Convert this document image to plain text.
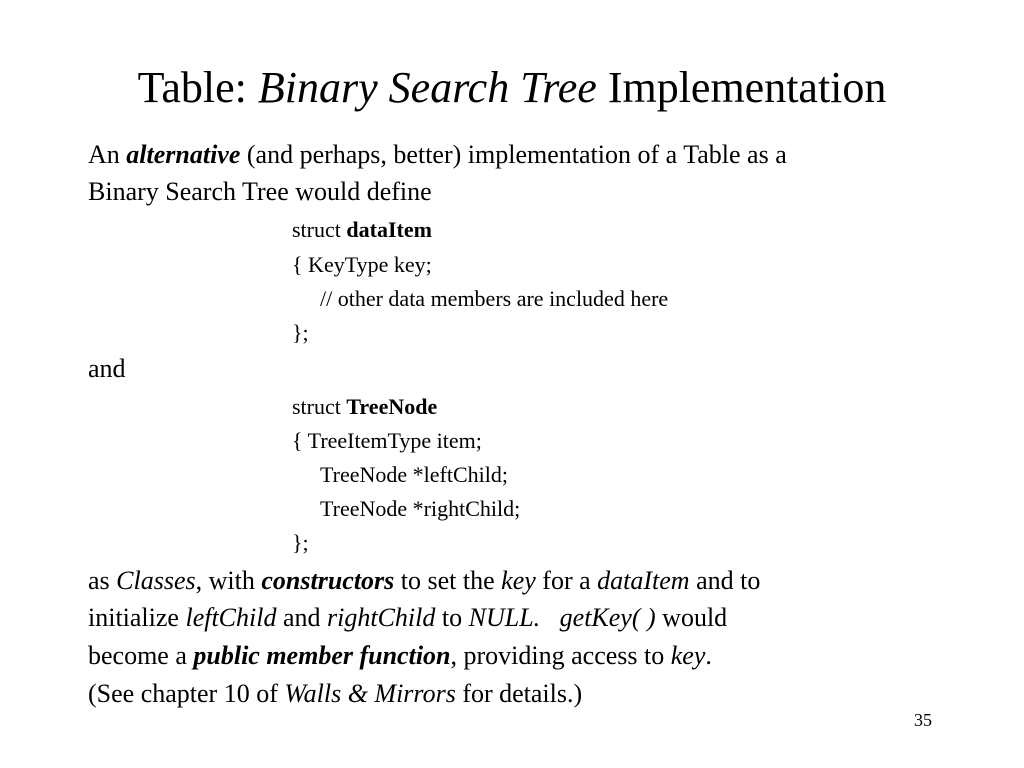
Table: Binary Search Tree Implementation
An alternative (and perhaps, better) implementation of a Table as a
Binary Search Tree would define
struct dataItem
{ KeyType key;
// other data members are included here
};
and
struct TreeNode
{ TreeItemType item;
TreeNode *leftChild;
TreeNode *rightChild;
};
as Classes, with constructors to set the key for a dataItem and to
initialize leftChild and rightChild to NULL. getKey( ) would
become a public member function, providing access to key.
(See chapter 10 of Walls & Mirrors for details.)
35
